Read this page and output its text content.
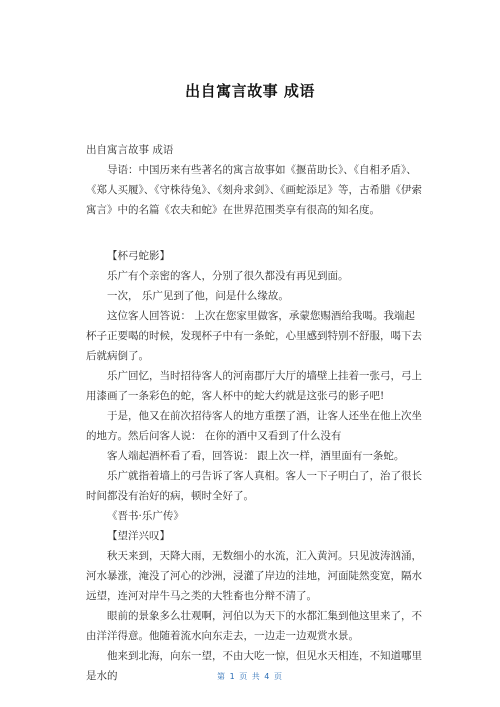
出自寓言故事 成语

出自寓言故事 成语

导语：中国历来有些著名的寓言故事如《揠苗助长》、《自相矛盾》、《郑人买履》、《守株待兔》、《刻舟求剑》、《画蛇添足》等，古希腊《伊索寓言》中的名篇《农夫和蛇》在世界范围类享有很高的知名度。

【杯弓蛇影】

乐广有个亲密的客人，分别了很久都没有再见到面。

一次， 乐广见到了他，问是什么缘故。

这位客人回答说： 上次在您家里做客，承蒙您赐酒给我喝。我端起杯子正要喝的时候，发现杯子中有一条蛇，心里感到特别不舒服，喝下去后就病倒了。

乐广回忆，当时招待客人的河南郡厅大厅的墙壁上挂着一张弓，弓上用漆画了一条彩色的蛇，客人杯中的蛇大约就是这张弓的影子吧!

于是，他又在前次招待客人的地方重摆了酒，让客人还坐在他上次坐的地方。然后问客人说： 在你的酒中又看到了什么没有

客人端起酒杯看了看，回答说： 跟上次一样，酒里面有一条蛇。

乐广就指着墙上的弓告诉了客人真相。客人一下子明白了，治了很长时间都没有治好的病，顿时全好了。

《晋书·乐广传》

【望洋兴叹】

秋天来到，天降大雨，无数细小的水流，汇入黄河。只见波涛汹涌，河水暴涨，淹没了河心的沙洲，浸灌了岸边的洼地，河面陡然变宽，隔水远望，连河对岸牛马之类的大牲畜也分辩不清了。

眼前的景象多么壮观啊，河伯以为天下的水都汇集到他这里来了，不由洋洋得意。他随着流水向东走去，一边走一边观赏水景。

他来到北海，向东一望，不由大吃一惊，但见水天相连，不知道哪里是水的	第 1 页 共 4 页
